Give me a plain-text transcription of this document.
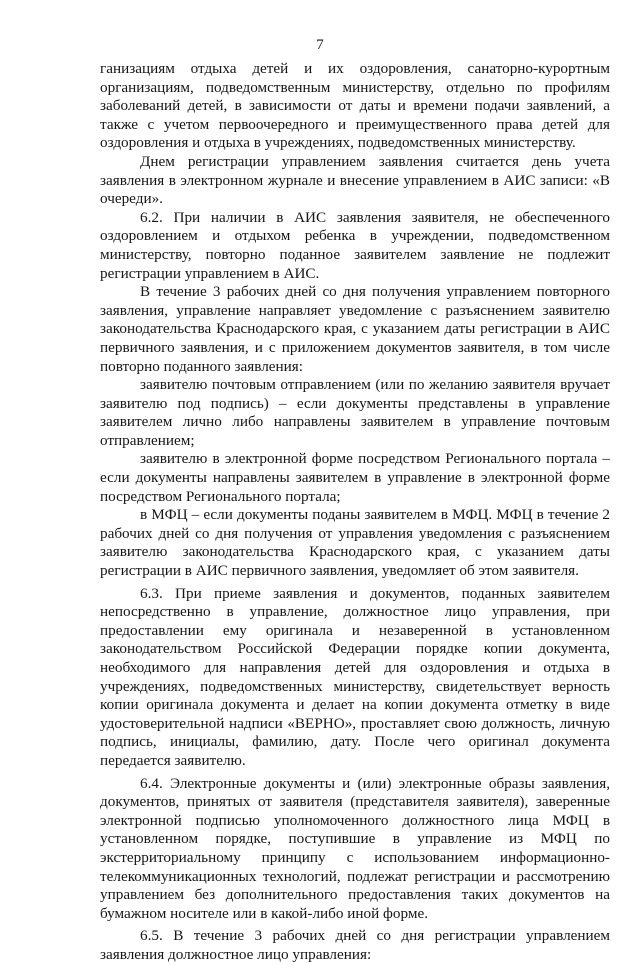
7

ганизациям отдыха детей и их оздоровления, санаторно-курортным организациям, подведомственным министерству, отдельно по профилям заболеваний детей, в зависимости от даты и времени подачи заявлений, а также с учетом первоочередного и преимущественного права детей для оздоровления и отдыха в учреждениях, подведомственных министерству.

Днем регистрации управлением заявления считается день учета заявления в электронном журнале и внесение управлением в АИС записи: «В очереди».

6.2. При наличии в АИС заявления заявителя, не обеспеченного оздоровлением и отдыхом ребенка в учреждении, подведомственном министерству, повторно поданное заявителем заявление не подлежит регистрации управлением в АИС.

В течение 3 рабочих дней со дня получения управлением повторного заявления, управление направляет уведомление с разъяснением заявителю законодательства Краснодарского края, с указанием даты регистрации в АИС первичного заявления, и с приложением документов заявителя, в том числе повторно поданного заявления:

заявителю почтовым отправлением (или по желанию заявителя вручает заявителю под подпись) – если документы представлены в управление заявителем лично либо направлены заявителем в управление почтовым отправлением;

заявителю в электронной форме посредством Регионального портала – если документы направлены заявителем в управление в электронной форме посредством Регионального портала;

в МФЦ – если документы поданы заявителем в МФЦ. МФЦ в течение 2 рабочих дней со дня получения от управления уведомления с разъяснением заявителю законодательства Краснодарского края, с указанием даты регистрации в АИС первичного заявления, уведомляет об этом заявителя.

6.3. При приеме заявления и документов, поданных заявителем непосредственно в управление, должностное лицо управления, при предоставлении ему оригинала и незаверенной в установленном законодательством Российской Федерации порядке копии документа, необходимого для направления детей для оздоровления и отдыха в учреждениях, подведомственных министерству, свидетельствует верность копии оригинала документа и делает на копии документа отметку в виде удостоверительной надписи «ВЕРНО», проставляет свою должность, личную подпись, инициалы, фамилию, дату. После чего оригинал документа передается заявителю.

6.4. Электронные документы и (или) электронные образы заявления, документов, принятых от заявителя (представителя заявителя), заверенные электронной подписью уполномоченного должностного лица МФЦ в установленном порядке, поступившие в управление из МФЦ по экстерриториальному принципу с использованием информационно-телекоммуникационных технологий, подлежат регистрации и рассмотрению управлением без дополнительного предоставления таких документов на бумажном носителе или в какой-либо иной форме.

6.5. В течение 3 рабочих дней со дня регистрации управлением заявления должностное лицо управления:
